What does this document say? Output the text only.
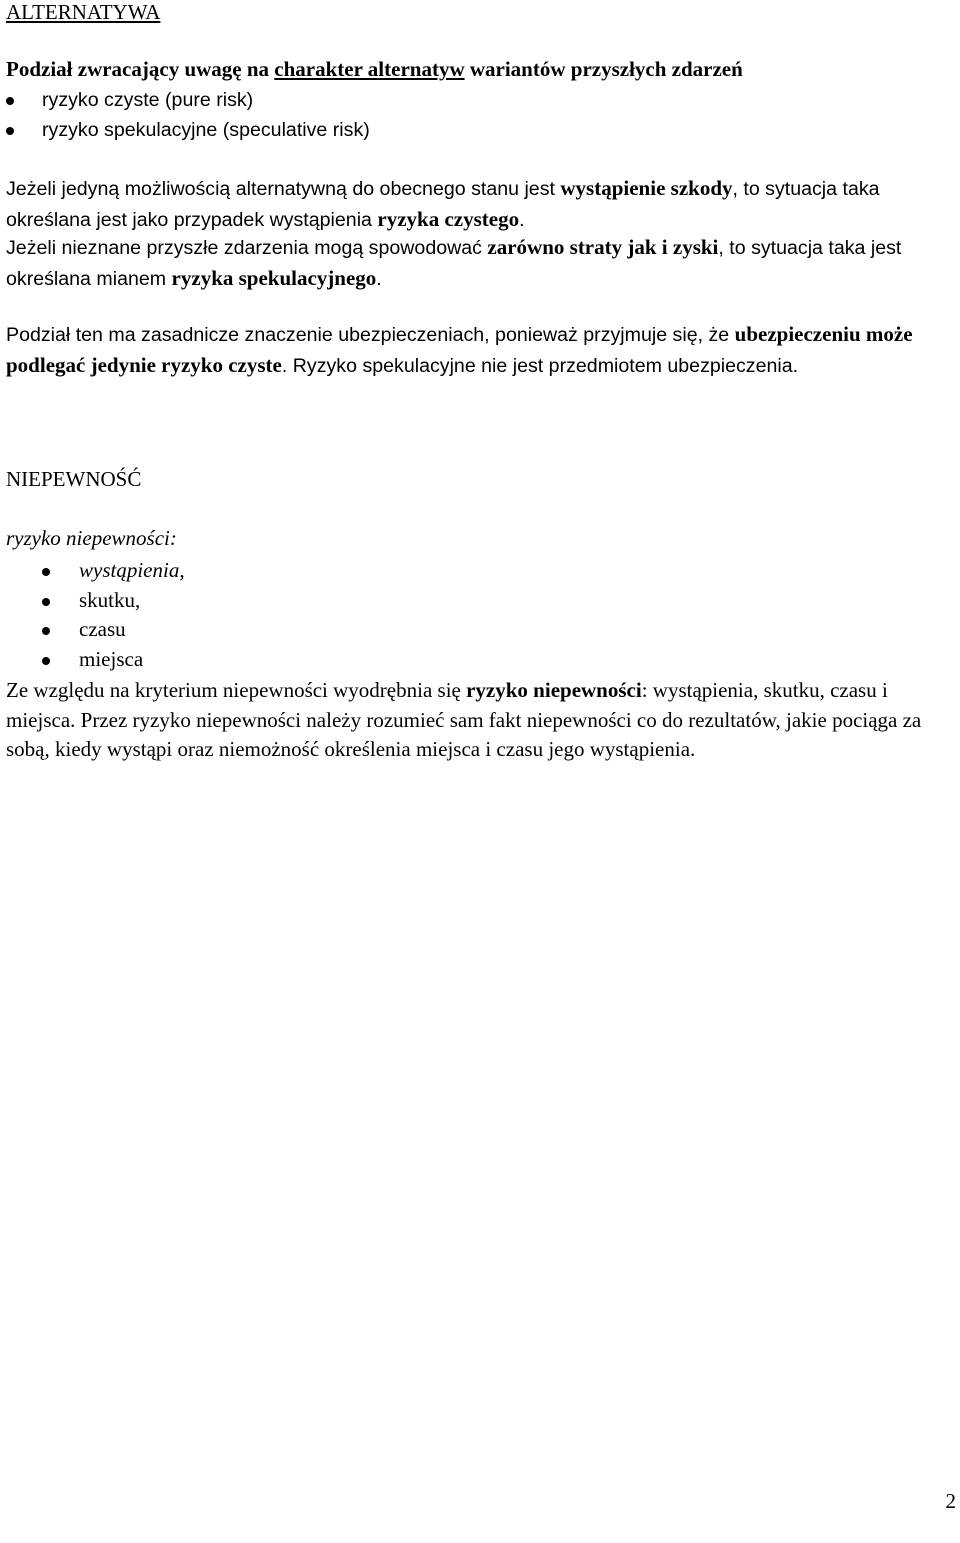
ALTERNATYWA
Podział zwracający uwagę na charakter alternatyw wariantów przyszłych zdarzeń
ryzyko czyste (pure risk)
ryzyko spekulacyjne (speculative risk)
Jeżeli jedyną możliwością alternatywną do obecnego stanu jest wystąpienie szkody, to sytuacja taka określana jest jako przypadek wystąpienia ryzyka czystego.
Jeżeli nieznane przyszłe zdarzenia mogą spowodować zarówno straty jak i zyski, to sytuacja taka jest określana mianem ryzyka spekulacyjnego.
Podział ten ma zasadnicze znaczenie ubezpieczeniach, ponieważ przyjmuje się, że ubezpieczeniu może podlegać jedynie ryzyko czyste. Ryzyko spekulacyjne nie jest przedmiotem ubezpieczenia.
NIEPEWNOŚĆ
ryzyko niepewności:
wystąpienia,
skutku,
czasu
miejsca
Ze względu na kryterium niepewności wyodrębnia się ryzyko niepewności: wystąpienia, skutku, czasu i miejsca. Przez ryzyko niepewności należy rozumieć sam fakt niepewności co do rezultatów, jakie pociąga za sobą, kiedy wystąpi oraz niemożność określenia miejsca i czasu jego wystąpienia.
2
